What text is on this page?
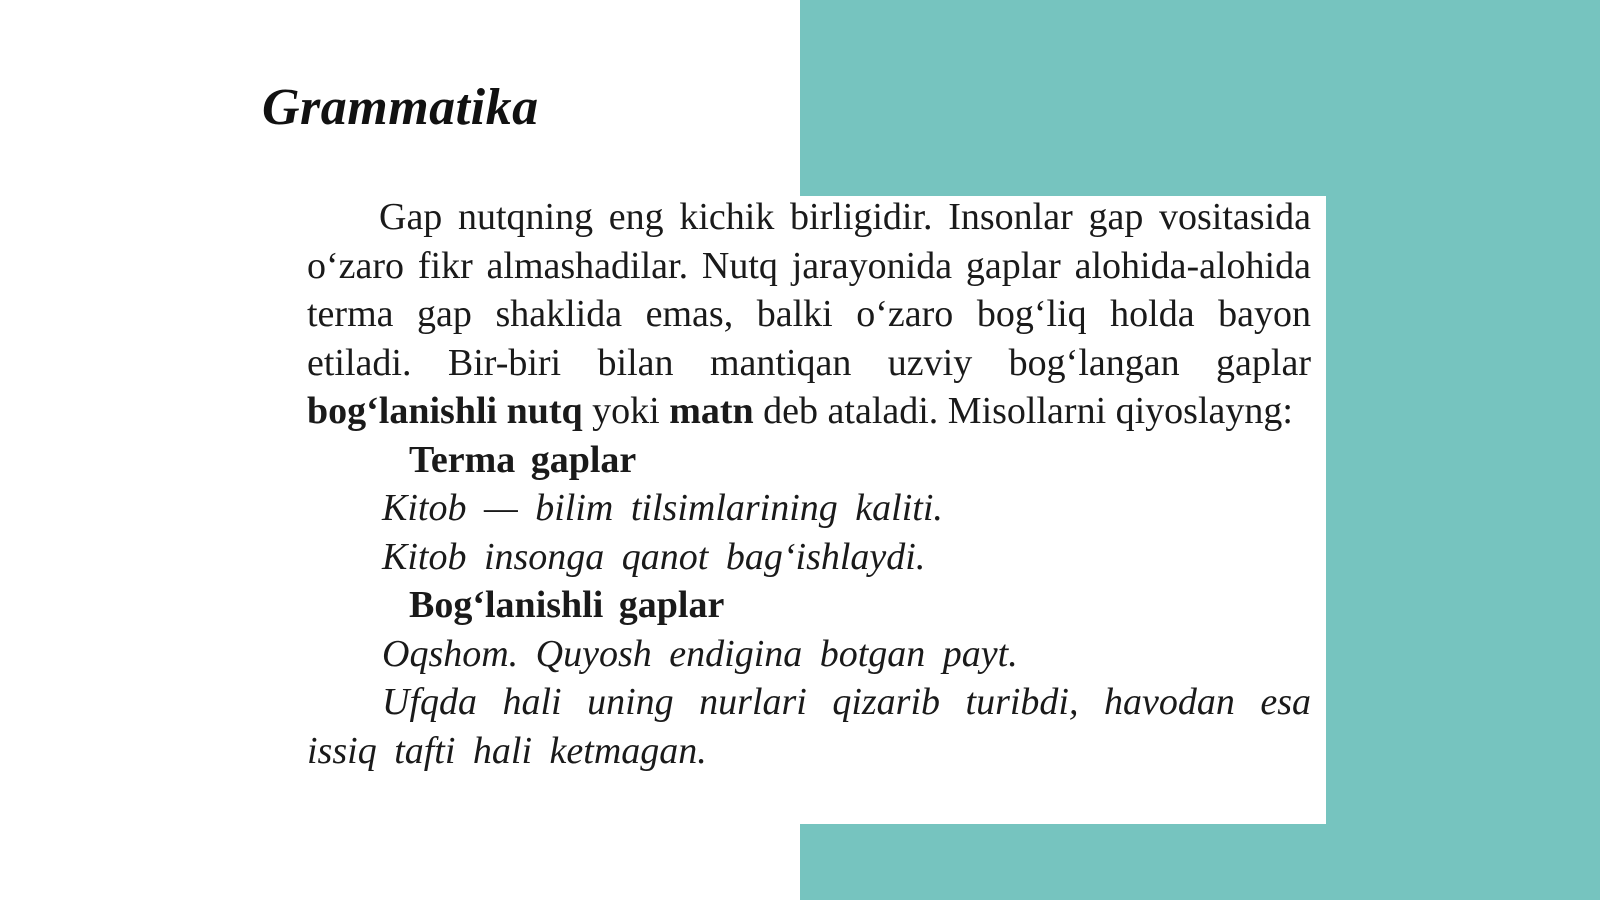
Grammatika

Gap nutqning eng kichik birligidir. Insonlar gap vositasida o‘zaro fikr almashadilar. Nutq jarayonida gaplar alohida-alohida terma gap shaklida emas, balki o‘zaro bog‘liq holda bayon etiladi. Bir-biri bilan mantiqan uzviy bog‘langan gaplar bog‘lanishli nutq yoki matn deb ataladi. Misollarni qiyoslayng:

Terma gaplar

Kitob — bilim tilsimlarining kaliti.

Kitob insonga qanot bag‘ishlaydi.

Bog‘lanishli gaplar

Oqshom. Quyosh endigina botgan payt.

Ufqda hali uning nurlari qizarib turibdi, havodan esa issiq tafti hali ketmagan.
